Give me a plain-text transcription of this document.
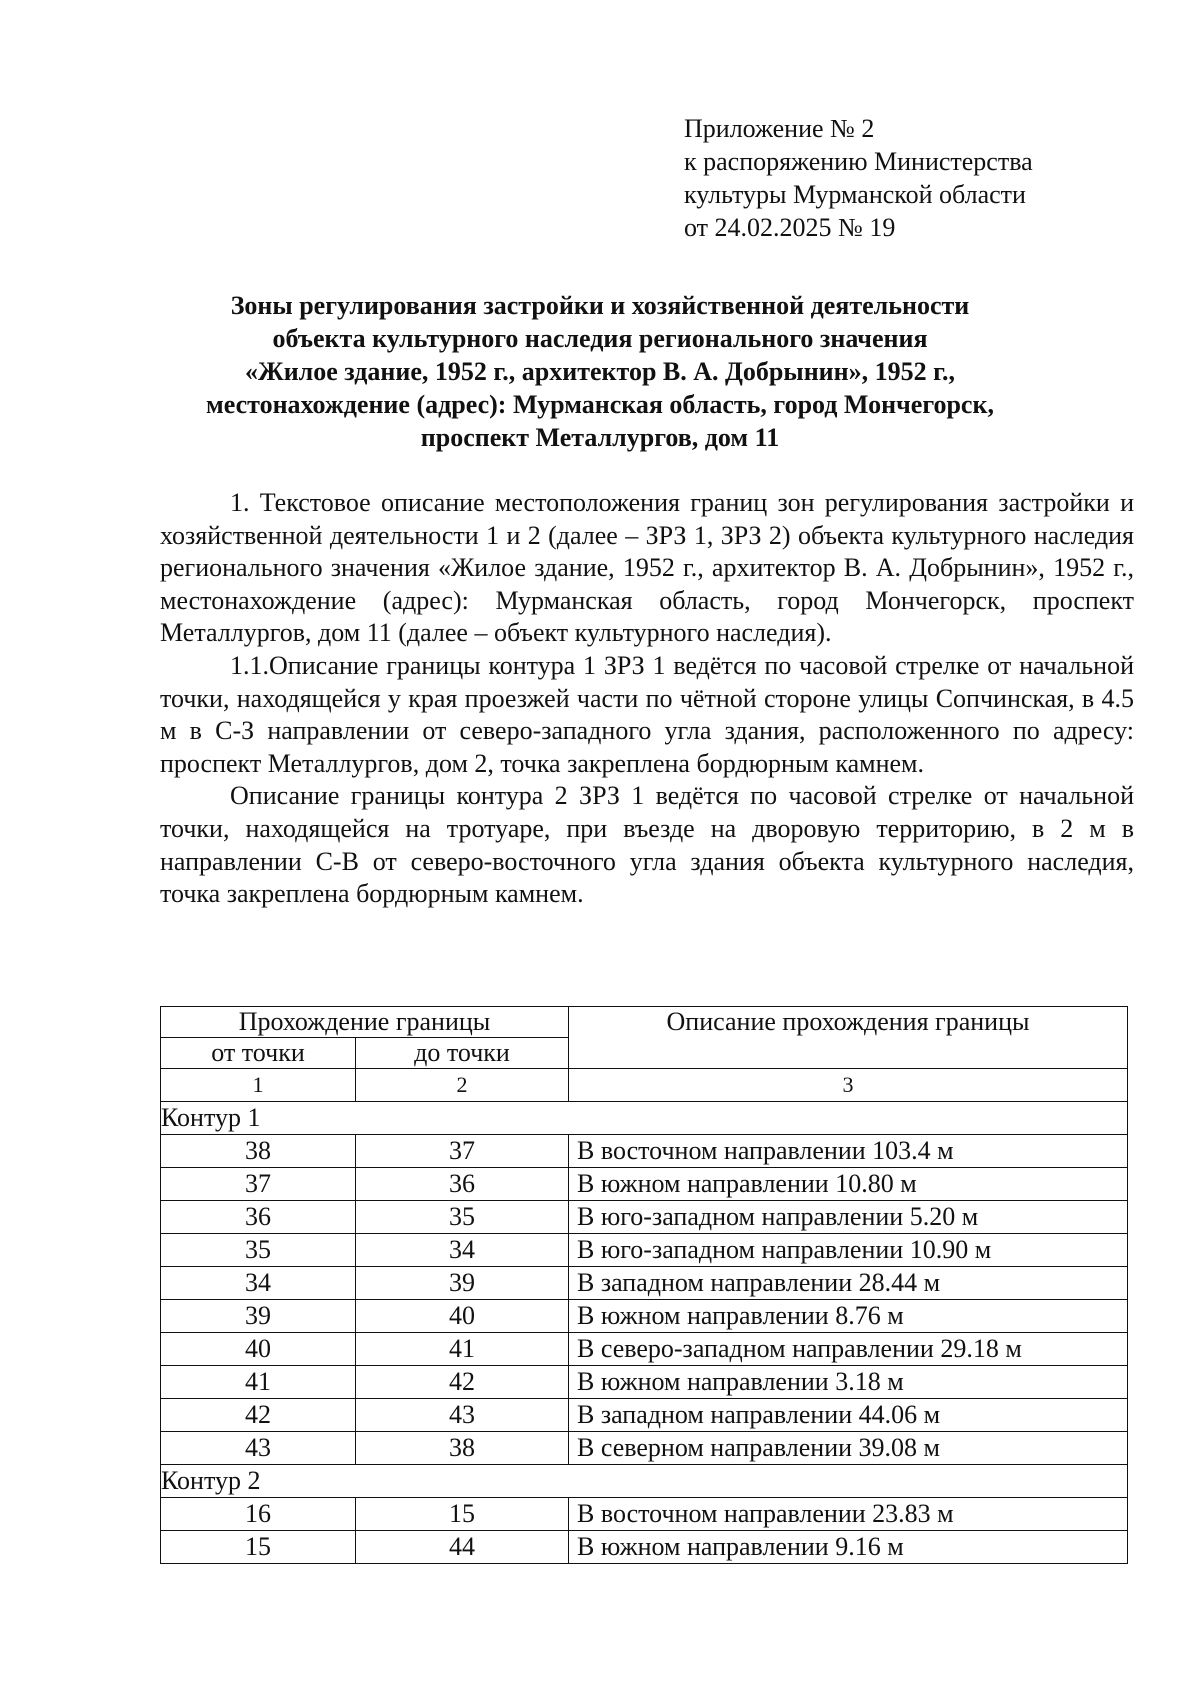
Приложение № 2
к распоряжению Министерства
культуры Мурманской области
от 24.02.2025 № 19
Зоны регулирования застройки и хозяйственной деятельности
объекта культурного наследия регионального значения
«Жилое здание, 1952 г., архитектор В. А. Добрынин», 1952 г.,
местонахождение (адрес): Мурманская область, город Мончегорск,
проспект Металлургов, дом 11

1. Текстовое описание местоположения границ зон регулирования застройки и хозяйственной деятельности 1 и 2 (далее – ЗРЗ 1, ЗРЗ 2) объекта культурного наследия регионального значения «Жилое здание, 1952 г., архитектор В. А. Добрынин», 1952 г., местонахождение (адрес): Мурманская область, город Мончегорск, проспект Металлургов, дом 11 (далее – объект культурного наследия).

1.1.Описание границы контура 1 ЗРЗ 1 ведётся по часовой стрелке от начальной точки, находящейся у края проезжей части по чётной стороне улицы Сопчинская, в 4.5 м в С-З направлении от северо-западного угла здания, расположенного по адресу: проспект Металлургов, дом 2, точка закреплена бордюрным камнем.

Описание границы контура 2 ЗРЗ 1 ведётся по часовой стрелке от начальной точки, находящейся на тротуаре, при въезде на дворовую территорию, в 2 м в направлении С-В от северо-восточного угла здания объекта культурного наследия, точка закреплена бордюрным камнем.

Прохождение границы		Описание прохождения границы
от точки	до точки	
1	2	3
Контур 1		
38	37	В восточном направлении 103.4 м
37	36	В южном направлении 10.80 м
36	35	В юго-западном направлении 5.20 м
35	34	В юго-западном направлении 10.90 м
34	39	В западном направлении 28.44 м
39	40	В южном направлении 8.76 м
40	41	В северо-западном направлении 29.18 м
41	42	В южном направлении 3.18 м
42	43	В западном направлении 44.06 м
43	38	В северном направлении 39.08 м
Контур 2		
16	15	В восточном направлении 23.83 м
15	44	В южном направлении 9.16 м
